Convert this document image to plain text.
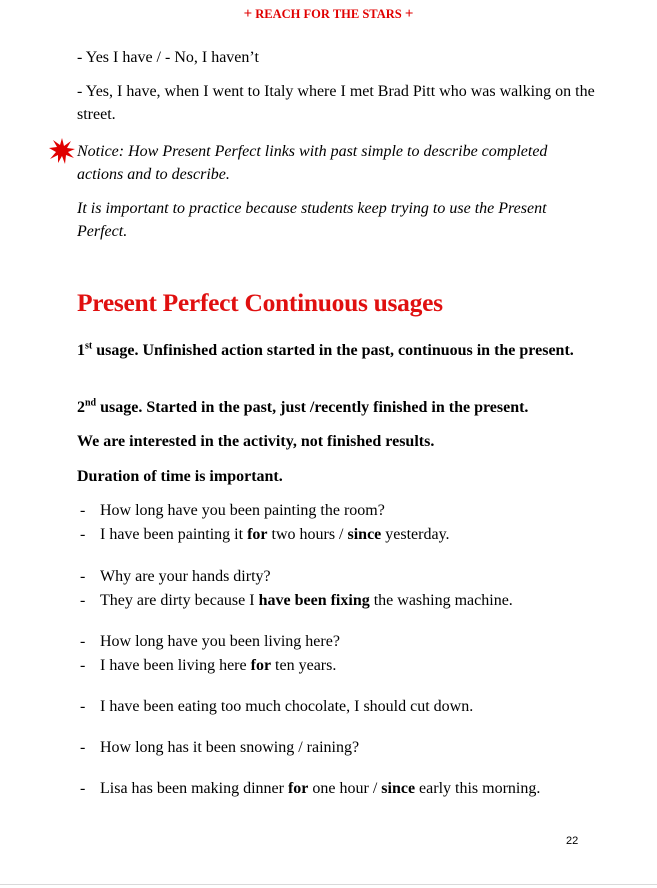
+ REACH FOR THE STARS +
- Yes I have / - No, I haven’t
- Yes, I have, when I went to Italy where I met Brad Pitt who was walking on the street.
Notice: How Present Perfect links with past simple to describe completed actions and to describe.
It is important to practice because students keep trying to use the Present Perfect.
Present Perfect Continuous usages
1st usage. Unfinished action started in the past, continuous in the present.
2nd usage. Started in the past, just /recently finished in the present.
We are interested in the activity, not finished results.
Duration of time is important.
- How long have you been painting the room?
- I have been painting it for two hours / since yesterday.
- Why are your hands dirty?
- They are dirty because I have been fixing the washing machine.
- How long have you been living here?
- I have been living here for ten years.
- I have been eating too much chocolate, I should cut down.
- How long has it been snowing / raining?
- Lisa has been making dinner for one hour / since early this morning.
22
